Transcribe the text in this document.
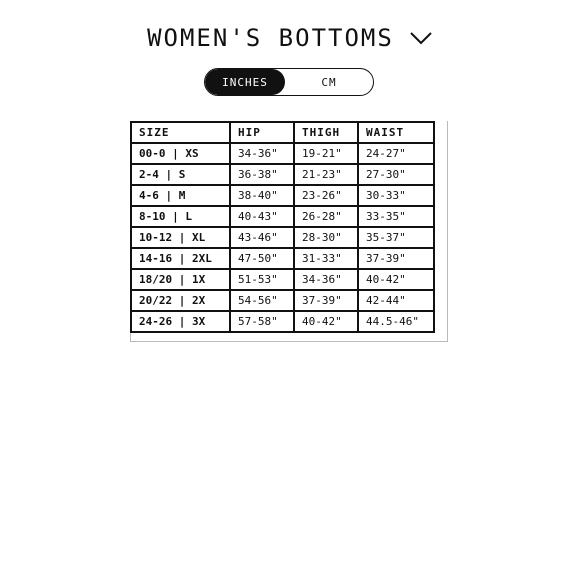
WOMEN'S BOTTOMS
INCHES	CM
SIZE	HIP	THIGH	WAIST
00-0 | XS	34-36"	19-21"	24-27"
2-4 | S	36-38"	21-23"	27-30"
4-6 | M	38-40"	23-26"	30-33"
8-10 | L	40-43"	26-28"	33-35"
10-12 | XL	43-46"	28-30"	35-37"
14-16 | 2XL	47-50"	31-33"	37-39"
18/20 | 1X	51-53"	34-36"	40-42"
20/22 | 2X	54-56"	37-39"	42-44"
24-26 | 3X	57-58"	40-42"	44.5-46"
